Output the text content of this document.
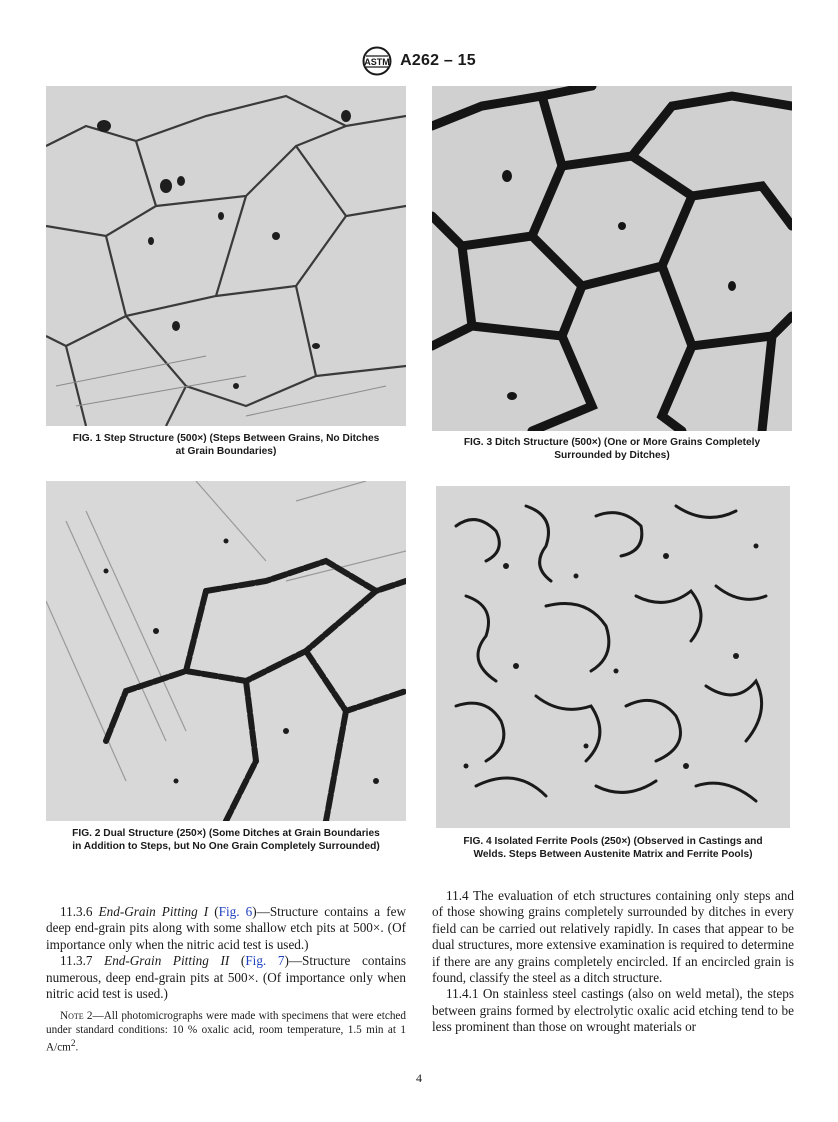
ASTM A262 – 15
FIG. 1 Step Structure (500×) (Steps Between Grains, No Ditches
at Grain Boundaries)
FIG. 3 Ditch Structure (500×) (One or More Grains Completely
Surrounded by Ditches)
FIG. 2 Dual Structure (250×) (Some Ditches at Grain Boundaries
in Addition to Steps, but No One Grain Completely Surrounded)	FIG. 4 Isolated Ferrite Pools (250×) (Observed in Castings and
Welds. Steps Between Austenite Matrix and Ferrite Pools)

11.3.6 End-Grain Pitting I (Fig. 6)—Structure contains a few deep end-grain pits along with some shallow etch pits at 500×. (Of importance only when the nitric acid test is used.)

11.3.7 End-Grain Pitting II (Fig. 7)—Structure contains numerous, deep end-grain pits at 500×. (Of importance only when nitric acid test is used.)

Note 2—All photomicrographs were made with specimens that were etched under standard conditions: 10 % oxalic acid, room temperature, 1.5 min at 1 $A/cm^2$.

11.4 The evaluation of etch structures containing only steps and of those showing grains completely surrounded by ditches in every field can be carried out relatively rapidly. In cases that appear to be dual structures, more extensive examination is required to determine if there are any grains completely encircled. If an encircled grain is found, classify the steel as a ditch structure.

11.4.1 On stainless steel castings (also on weld metal), the steps between grains formed by electrolytic oxalic acid etching tend to be less prominent than those on wrought materials or

4
